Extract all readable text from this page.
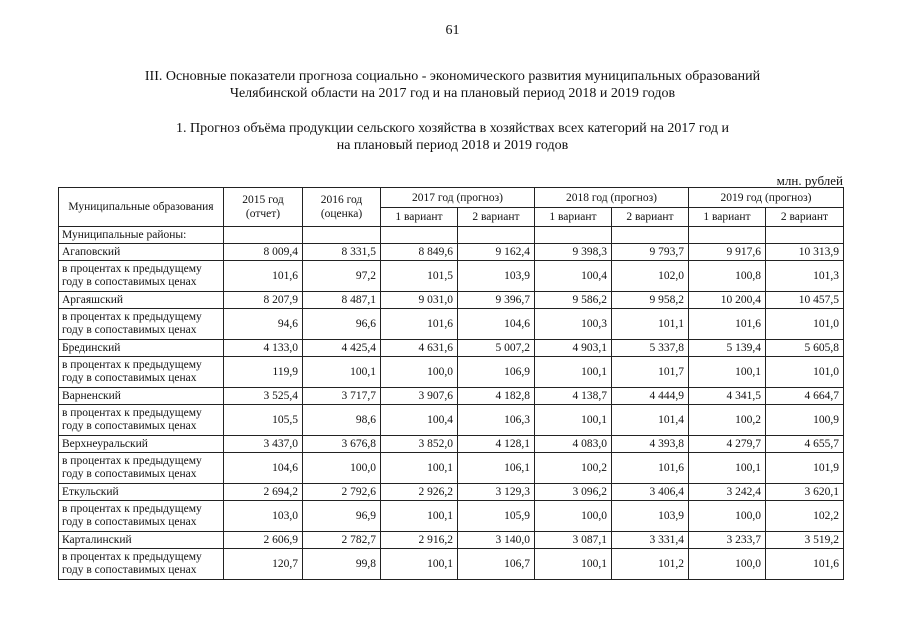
61
III. Основные показатели прогноза социально - экономического развития муниципальных образований
Челябинской области на 2017 год и на плановый период 2018 и 2019 годов
1. Прогноз объёма продукции сельского хозяйства в хозяйствах всех категорий на 2017 год и
на плановый период 2018 и 2019 годов
млн. рублей
Муниципальные образования	2015 год (отчет)	2016 год (оценка)	2017 год (прогноз)		2018 год (прогноз)		2019 год (прогноз)	
			1 вариант	2 вариант	1 вариант	2 вариант	1 вариант	2 вариант
Муниципальные районы:								
Агаповский	8 009,4	8 331,5	8 849,6	9 162,4	9 398,3	9 793,7	9 917,6	10 313,9
в процентах к предыдущему году в сопоставимых ценах	101,6	97,2	101,5	103,9	100,4	102,0	100,8	101,3
Аргаяшский	8 207,9	8 487,1	9 031,0	9 396,7	9 586,2	9 958,2	10 200,4	10 457,5
в процентах к предыдущему году в сопоставимых ценах	94,6	96,6	101,6	104,6	100,3	101,1	101,6	101,0
Брединский	4 133,0	4 425,4	4 631,6	5 007,2	4 903,1	5 337,8	5 139,4	5 605,8
в процентах к предыдущему году в сопоставимых ценах	119,9	100,1	100,0	106,9	100,1	101,7	100,1	101,0
Варненский	3 525,4	3 717,7	3 907,6	4 182,8	4 138,7	4 444,9	4 341,5	4 664,7
в процентах к предыдущему году в сопоставимых ценах	105,5	98,6	100,4	106,3	100,1	101,4	100,2	100,9
Верхнеуральский	3 437,0	3 676,8	3 852,0	4 128,1	4 083,0	4 393,8	4 279,7	4 655,7
в процентах к предыдущему году в сопоставимых ценах	104,6	100,0	100,1	106,1	100,2	101,6	100,1	101,9
Еткульский	2 694,2	2 792,6	2 926,2	3 129,3	3 096,2	3 406,4	3 242,4	3 620,1
в процентах к предыдущему году в сопоставимых ценах	103,0	96,9	100,1	105,9	100,0	103,9	100,0	102,2
Карталинский	2 606,9	2 782,7	2 916,2	3 140,0	3 087,1	3 331,4	3 233,7	3 519,2
в процентах к предыдущему году в сопоставимых ценах	120,7	99,8	100,1	106,7	100,1	101,2	100,0	101,6
